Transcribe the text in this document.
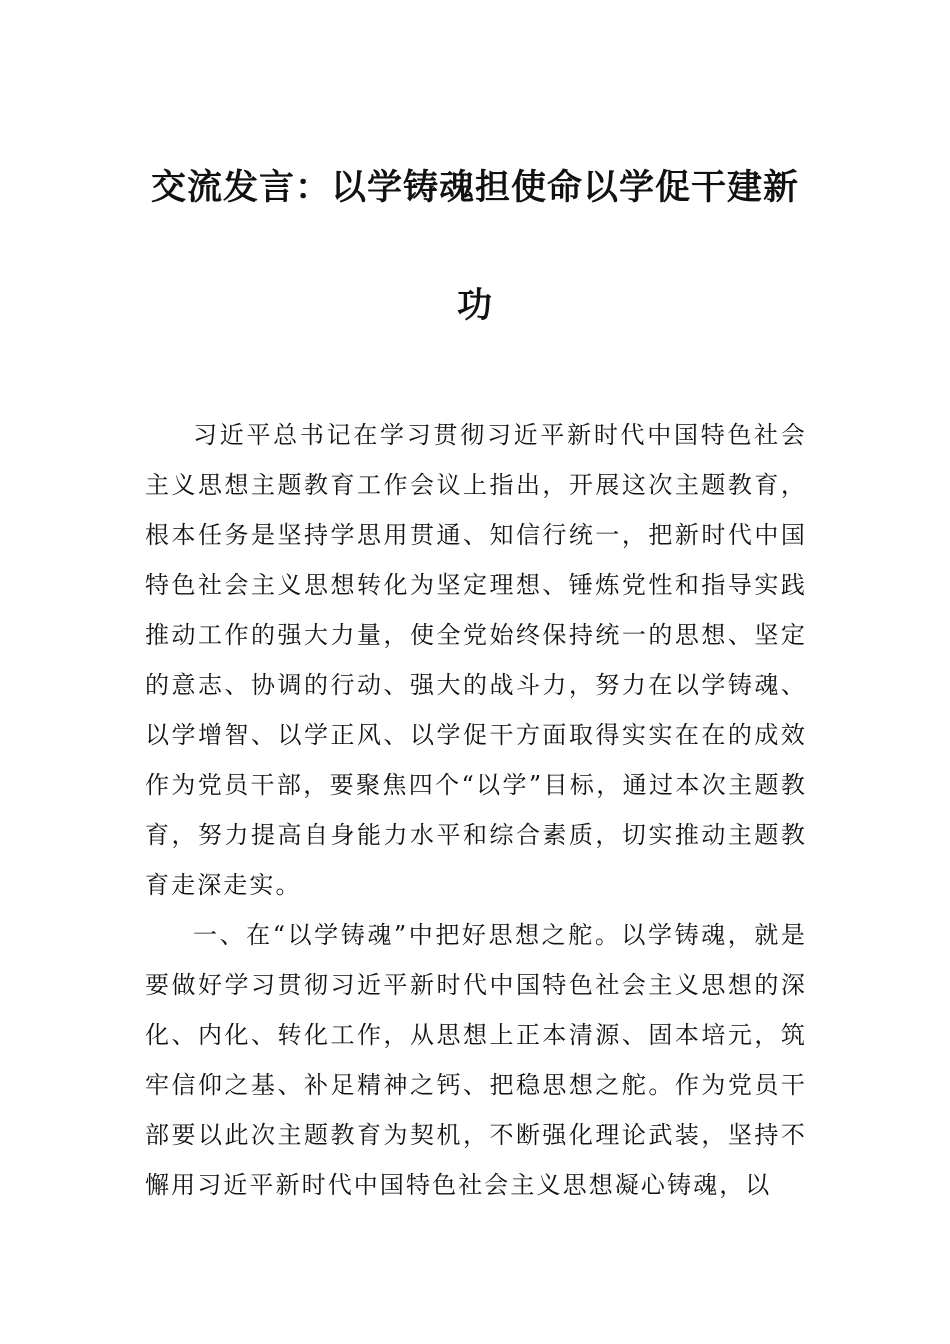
交流发言：以学铸魂担使命以学促干建新
功

习近平总书记在学习贯彻习近平新时代中国特色社会主义思想主题教育工作会议上指出，开展这次主题教育，根本任务是坚持学思用贯通、知信行统一，把新时代中国特色社会主义思想转化为坚定理想、锤炼党性和指导实践推动工作的强大力量，使全党始终保持统一的思想、坚定的意志、协调的行动、强大的战斗力，努力在以学铸魂、以学增智、以学正风、以学促干方面取得实实在在的成效作为党员干部，要聚焦四个“以学”目标，通过本次主题教育，努力提高自身能力水平和综合素质，切实推动主题教育走深走实。

一、在“以学铸魂”中把好思想之舵。以学铸魂，就是要做好学习贯彻习近平新时代中国特色社会主义思想的深化、内化、转化工作，从思想上正本清源、固本培元，筑牢信仰之基、补足精神之钙、把稳思想之舵。作为党员干部要以此次主题教育为契机，不断强化理论武装，坚持不懈用习近平新时代中国特色社会主义思想凝心铸魂，以
